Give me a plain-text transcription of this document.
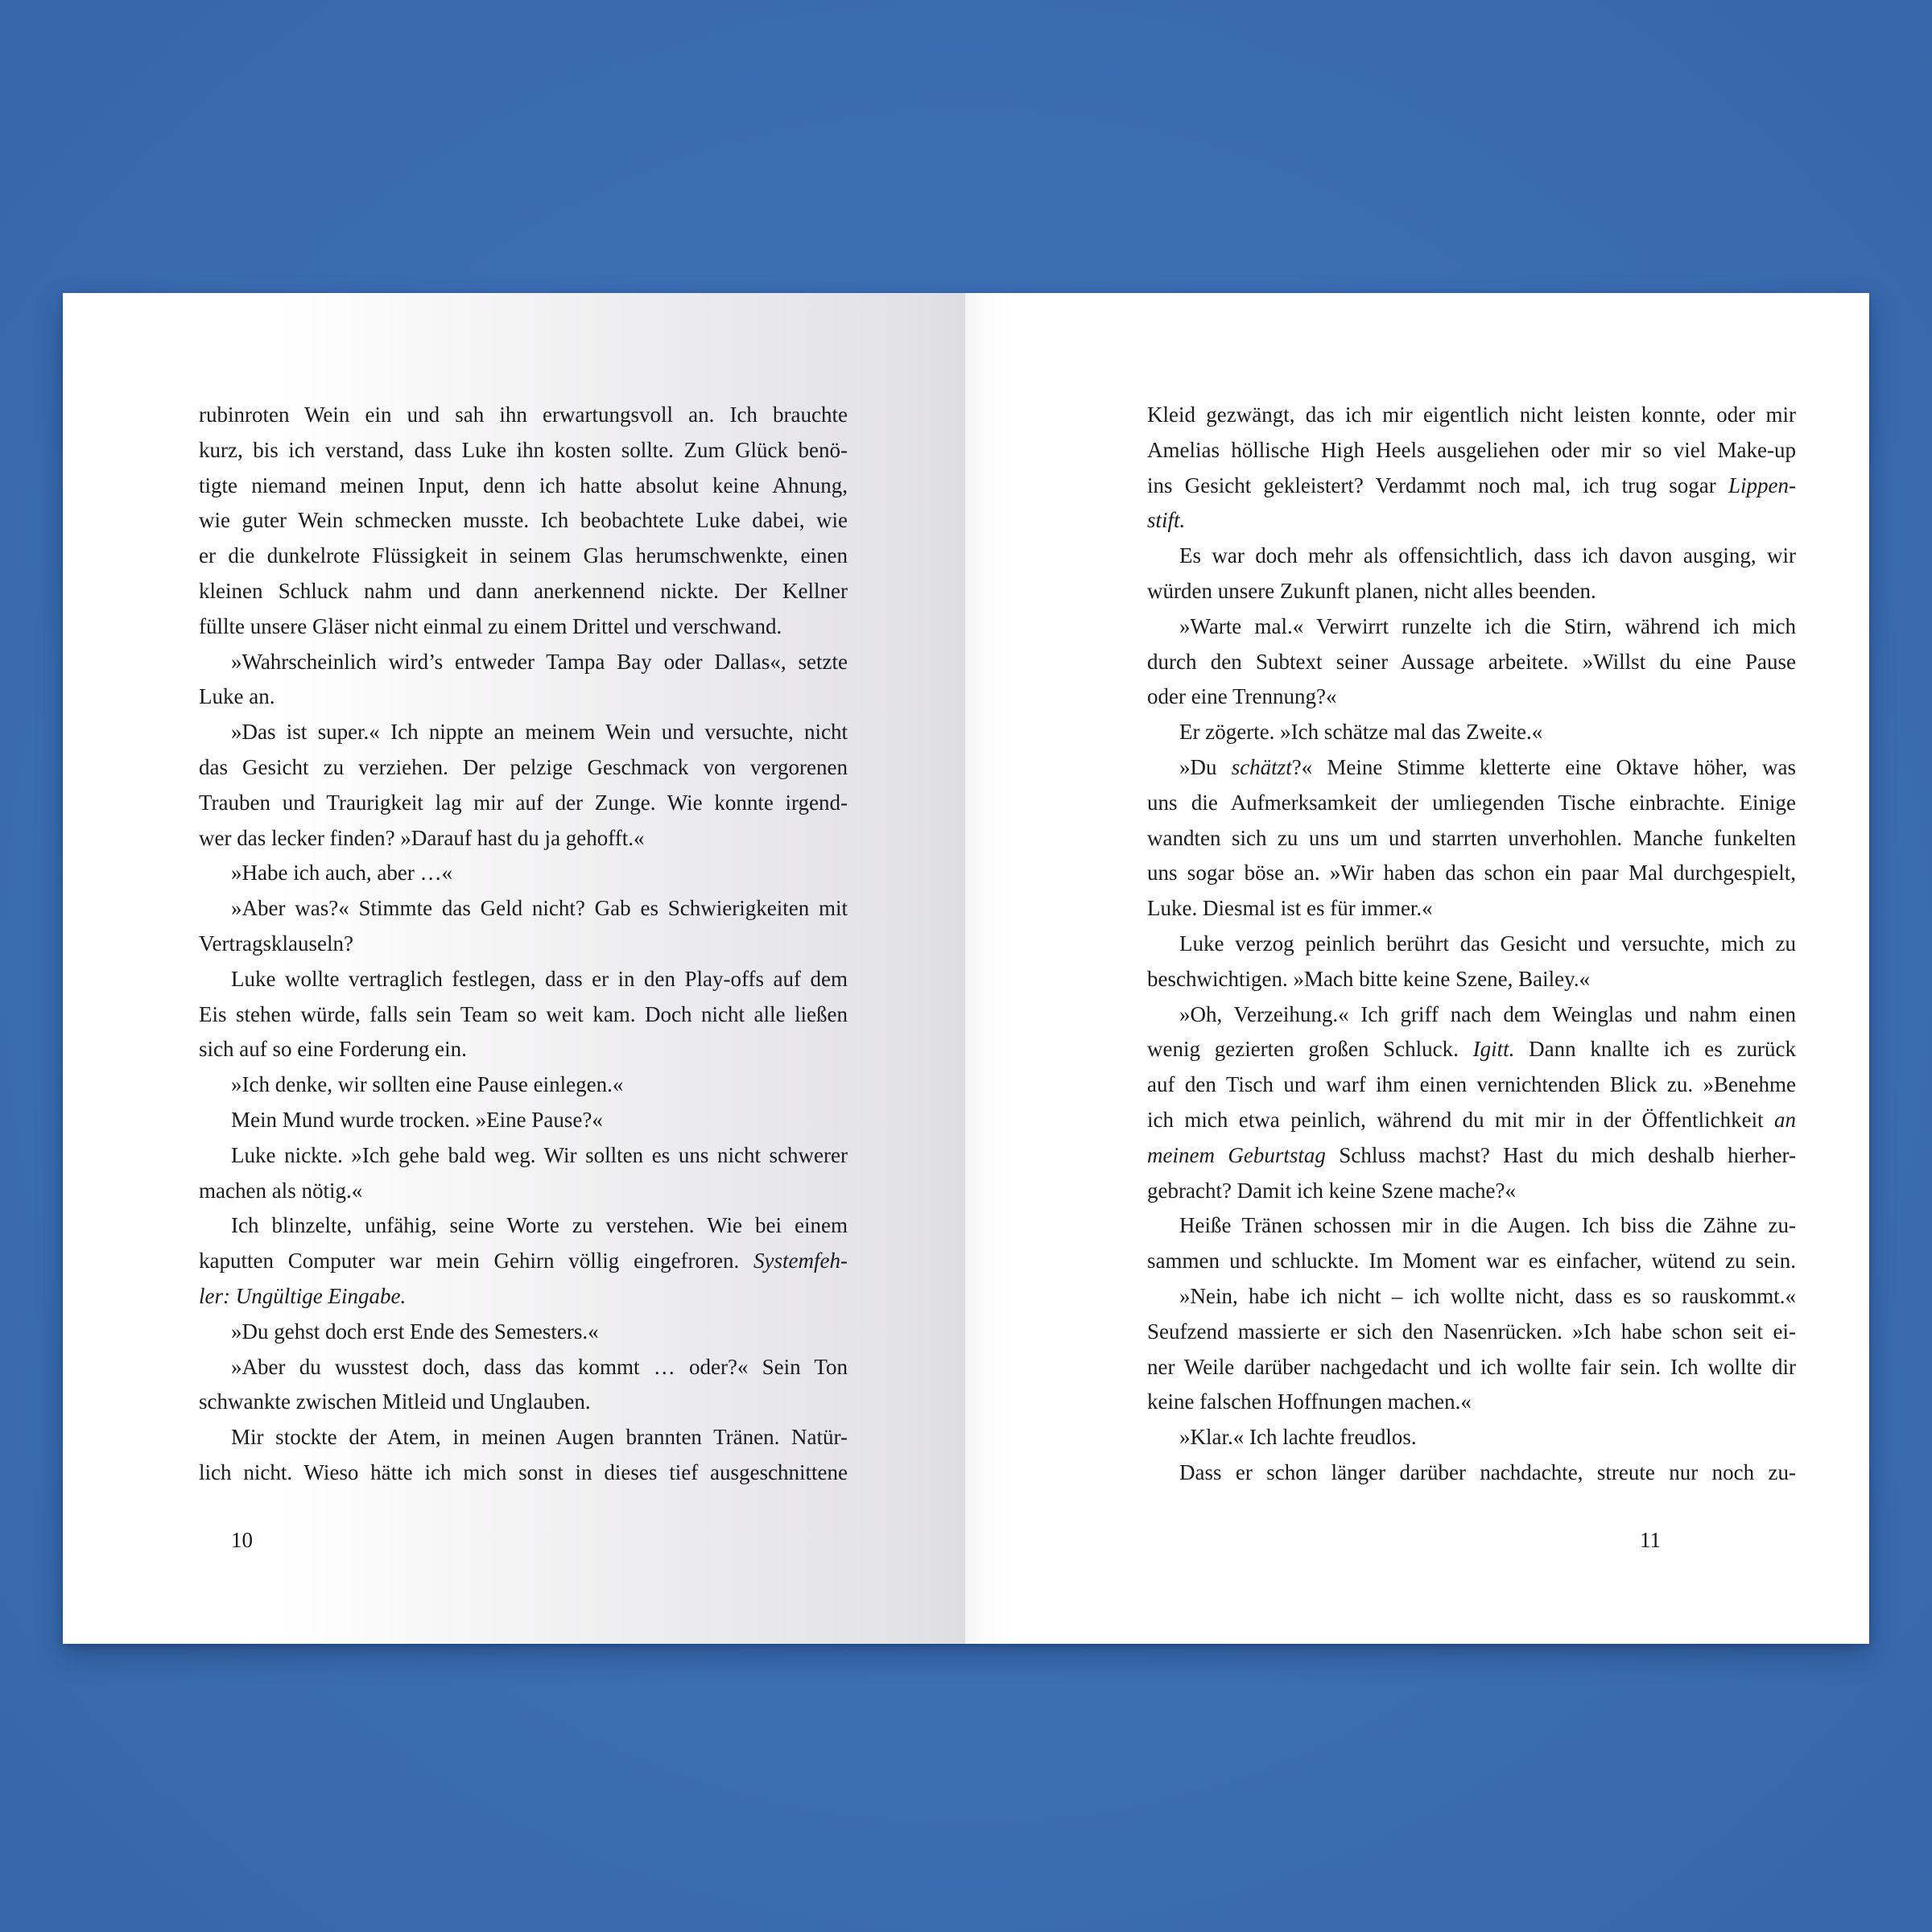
rubinroten Wein ein und sah ihn erwartungsvoll an. Ich brauchte
kurz, bis ich verstand, dass Luke ihn kosten sollte. Zum Glück benö-
tigte niemand meinen Input, denn ich hatte absolut keine Ahnung,
wie guter Wein schmecken musste. Ich beobachtete Luke dabei, wie
er die dunkelrote Flüssigkeit in seinem Glas herumschwenkte, einen
kleinen Schluck nahm und dann anerkennend nickte. Der Kellner
füllte unsere Gläser nicht einmal zu einem Drittel und verschwand.
»Wahrscheinlich wird’s entweder Tampa Bay oder Dallas«, setzte
Luke an.
»Das ist super.« Ich nippte an meinem Wein und versuchte, nicht
das Gesicht zu verziehen. Der pelzige Geschmack von vergorenen
Trauben und Traurigkeit lag mir auf der Zunge. Wie konnte irgend-
wer das lecker finden? »Darauf hast du ja gehofft.«
»Habe ich auch, aber …«
»Aber was?« Stimmte das Geld nicht? Gab es Schwierigkeiten mit
Vertragsklauseln?
Luke wollte vertraglich festlegen, dass er in den Play-offs auf dem
Eis stehen würde, falls sein Team so weit kam. Doch nicht alle ließen
sich auf so eine Forderung ein.
»Ich denke, wir sollten eine Pause einlegen.«
Mein Mund wurde trocken. »Eine Pause?«
Luke nickte. »Ich gehe bald weg. Wir sollten es uns nicht schwerer
machen als nötig.«
Ich blinzelte, unfähig, seine Worte zu verstehen. Wie bei einem
kaputten Computer war mein Gehirn völlig eingefroren. Systemfeh-
ler: Ungültige Eingabe.
»Du gehst doch erst Ende des Semesters.«
»Aber du wusstest doch, dass das kommt … oder?« Sein Ton
schwankte zwischen Mitleid und Unglauben.
Mir stockte der Atem, in meinen Augen brannten Tränen. Natür-
lich nicht. Wieso hätte ich mich sonst in dieses tief ausgeschnittene
10
Kleid gezwängt, das ich mir eigentlich nicht leisten konnte, oder mir
Amelias höllische High Heels ausgeliehen oder mir so viel Make-up
ins Gesicht gekleistert? Verdammt noch mal, ich trug sogar Lippen-
stift.
Es war doch mehr als offensichtlich, dass ich davon ausging, wir
würden unsere Zukunft planen, nicht alles beenden.
»Warte mal.« Verwirrt runzelte ich die Stirn, während ich mich
durch den Subtext seiner Aussage arbeitete. »Willst du eine Pause
oder eine Trennung?«
Er zögerte. »Ich schätze mal das Zweite.«
»Du schätzt?« Meine Stimme kletterte eine Oktave höher, was
uns die Aufmerksamkeit der umliegenden Tische einbrachte. Einige
wandten sich zu uns um und starrten unverhohlen. Manche funkelten
uns sogar böse an. »Wir haben das schon ein paar Mal durchgespielt,
Luke. Diesmal ist es für immer.«
Luke verzog peinlich berührt das Gesicht und versuchte, mich zu
beschwichtigen. »Mach bitte keine Szene, Bailey.«
»Oh, Verzeihung.« Ich griff nach dem Weinglas und nahm einen
wenig gezierten großen Schluck. Igitt. Dann knallte ich es zurück
auf den Tisch und warf ihm einen vernichtenden Blick zu. »Benehme
ich mich etwa peinlich, während du mit mir in der Öffentlichkeit an
meinem Geburtstag Schluss machst? Hast du mich deshalb hierher-
gebracht? Damit ich keine Szene mache?«
Heiße Tränen schossen mir in die Augen. Ich biss die Zähne zu-
sammen und schluckte. Im Moment war es einfacher, wütend zu sein.
»Nein, habe ich nicht – ich wollte nicht, dass es so rauskommt.«
Seufzend massierte er sich den Nasenrücken. »Ich habe schon seit ei-
ner Weile darüber nachgedacht und ich wollte fair sein. Ich wollte dir
keine falschen Hoffnungen machen.«
»Klar.« Ich lachte freudlos.
Dass er schon länger darüber nachdachte, streute nur noch zu-
11
